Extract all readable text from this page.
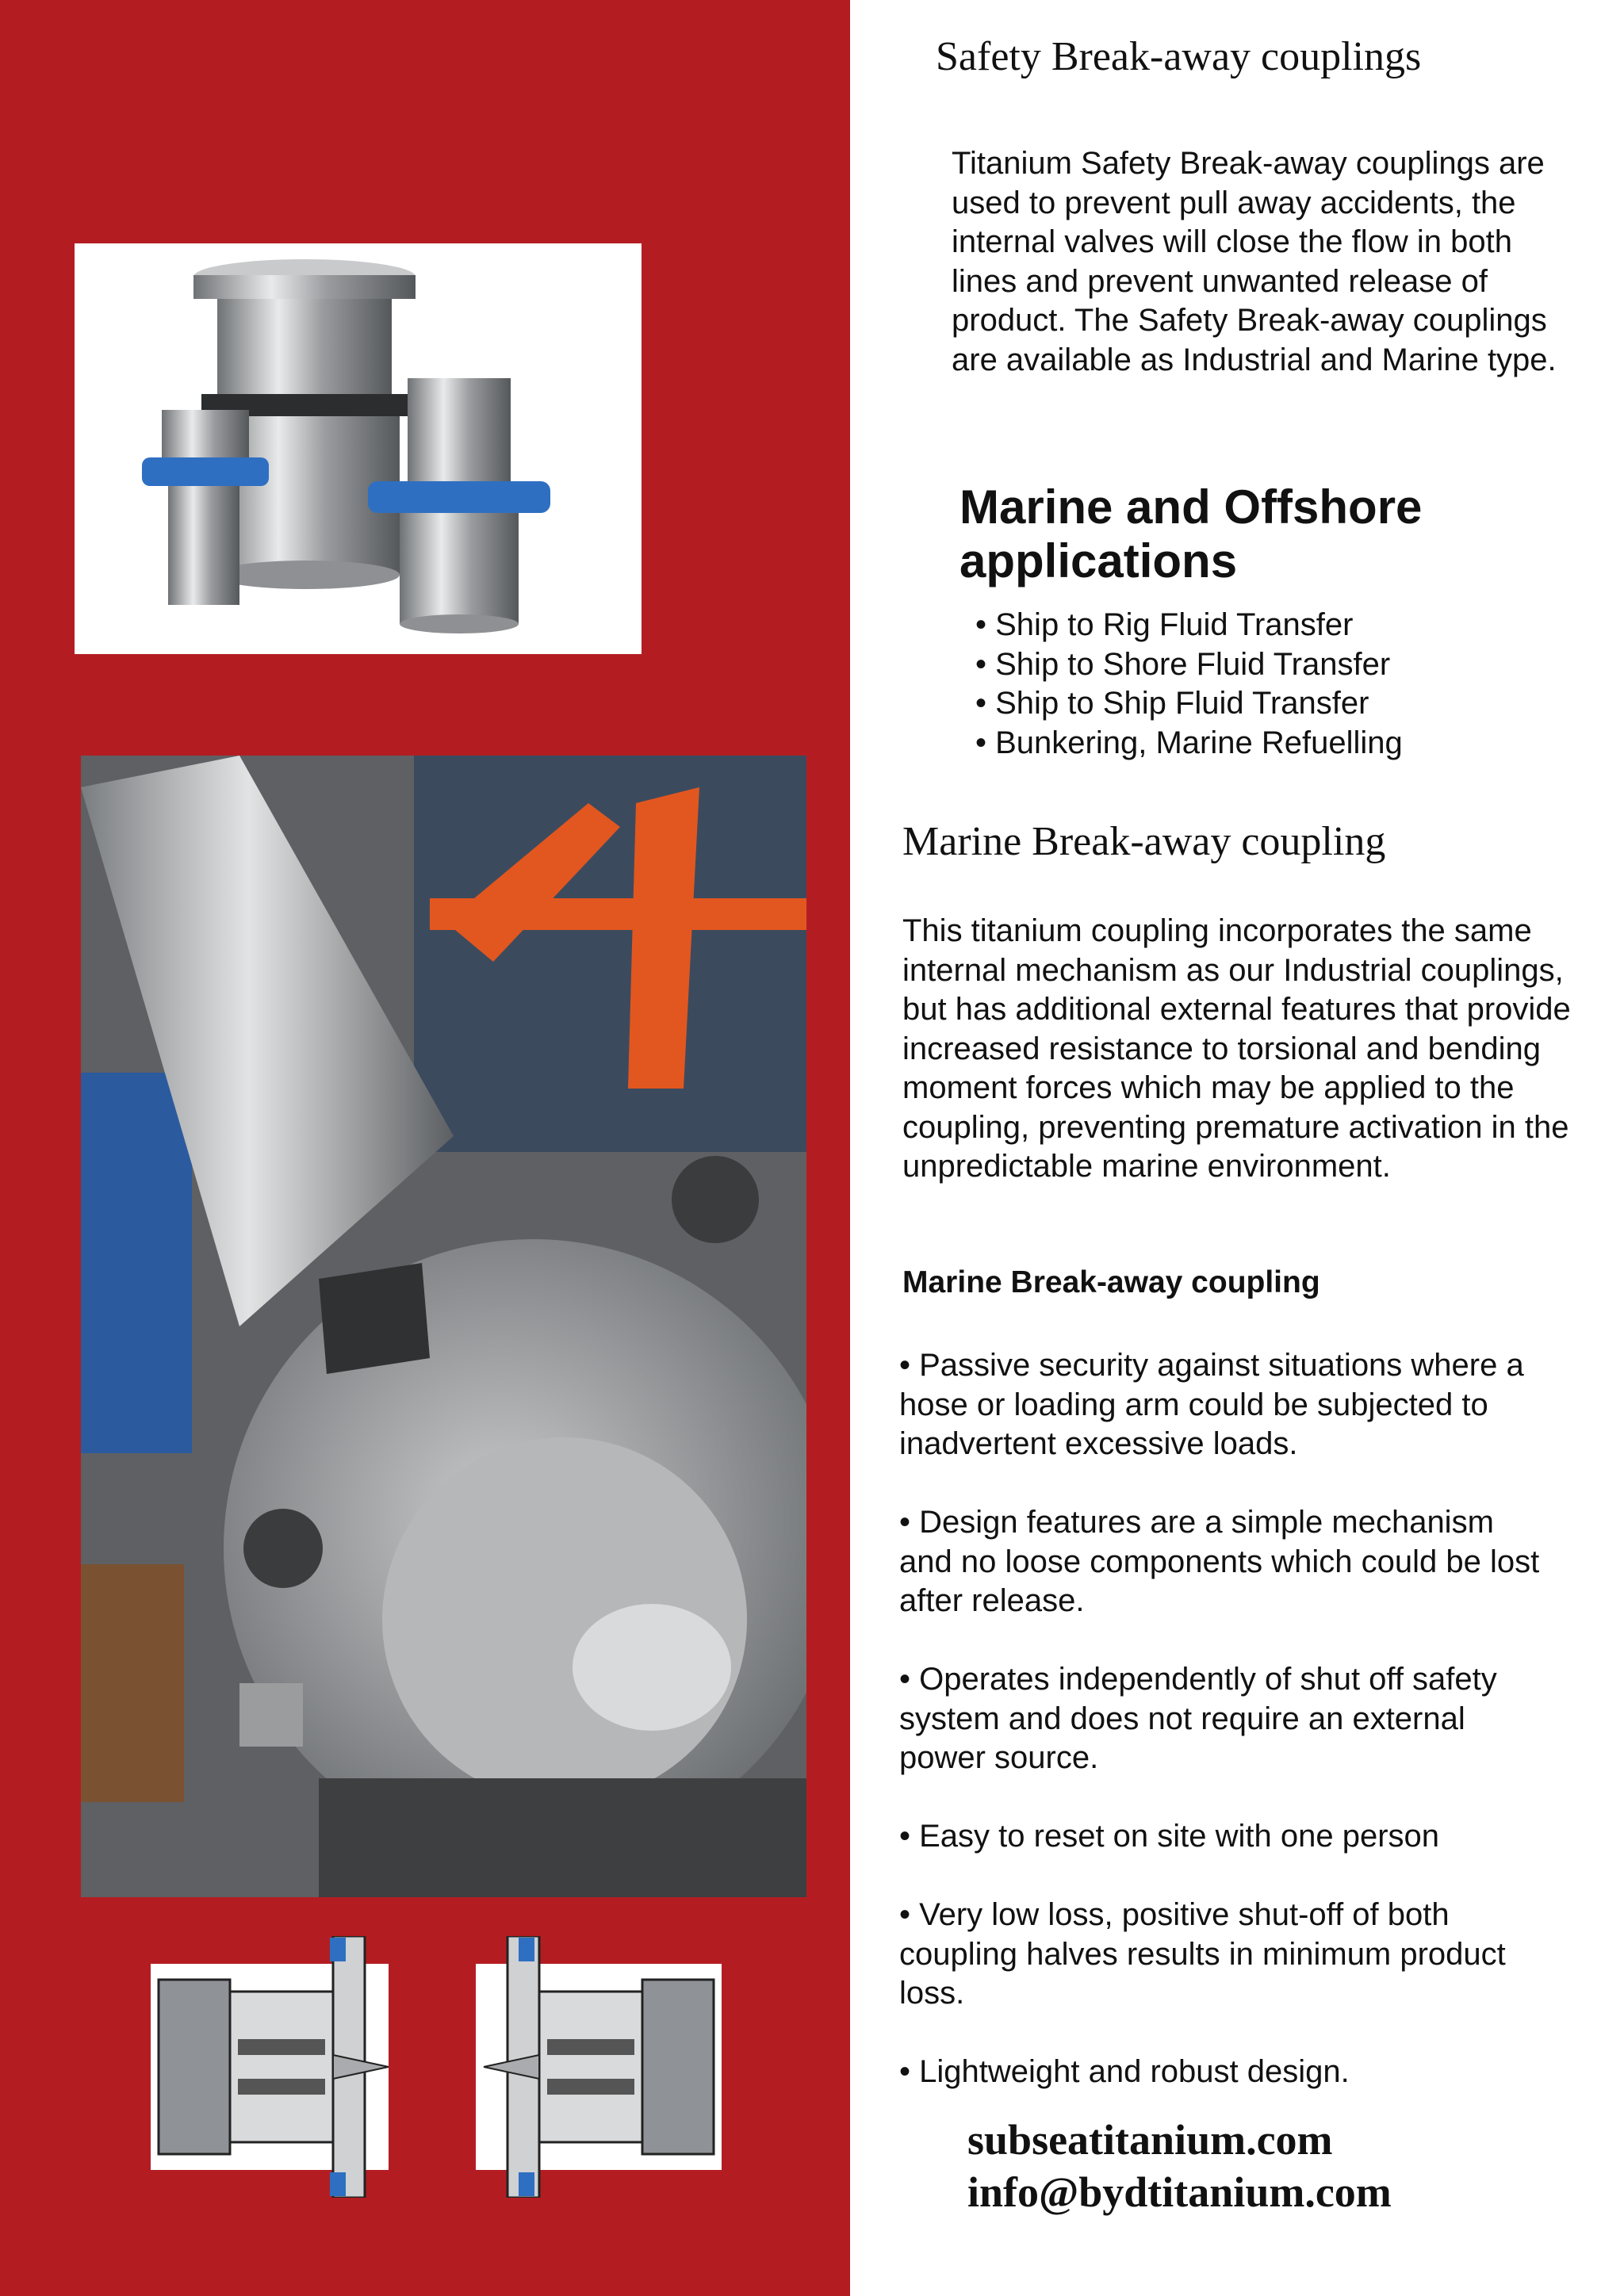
Safety Break-away couplings
Titanium Safety Break-away couplings are used to prevent pull away accidents, the internal valves will close the flow in both lines and prevent unwanted release of product. The Safety Break-away couplings are available as Industrial and Marine type.
Marine and Offshore applications
• Ship to Rig Fluid Transfer
• Ship to Shore Fluid Transfer
• Ship to Ship Fluid Transfer
• Bunkering, Marine Refuelling
Marine Break-away coupling
This titanium coupling incorporates the same internal mechanism as our Industrial couplings, but has additional external features that provide increased resistance to torsional and bending moment forces which may be applied to the coupling, preventing premature activation in the unpredictable marine environment.
Marine Break-away coupling
• Passive security against situations where a hose or loading arm could be subjected to inadvertent excessive loads.
• Design features are a simple mechanism and no loose components which could be lost after release.
• Operates independently of shut off safety system and does not require an external power source.
• Easy to reset on site with one person
• Very low loss, positive shut-off of both coupling halves results in minimum product loss.
• Lightweight and robust design.
subseatitanium.com
info@bydtitanium.com
